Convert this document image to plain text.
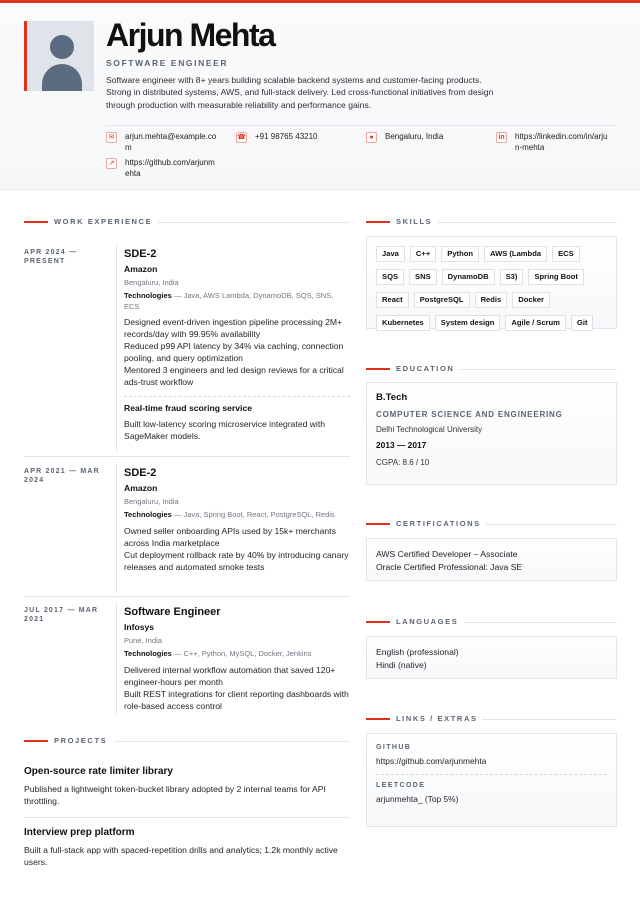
Arjun Mehta
SOFTWARE ENGINEER
Software engineer with 8+ years building scalable backend systems and customer-facing products. Strong in distributed systems, AWS, and full-stack delivery. Led cross-functional initiatives from design through production with measurable reliability and performance gains.
✉	arjun.mehta@example.co
m
☎ +91 98765 43210	●	Bengaluru, India	in https://linkedin.com/in/arju
n-mehta
↗	https://github.com/arjunm
ehta
WORK EXPERIENCE
APR 2024 —
PRESENT
SDE-2
Amazon
Bengaluru, India
Technologies — Java, AWS Lambda, DynamoDB, SQS, SNS, ECS
Designed event-driven ingestion pipeline processing 2M+ records/day with 99.95% availability
Reduced p99 API latency by 34% via caching, connection pooling, and query optimization
Mentored 3 engineers and led design reviews for a critical ads-trust workflow
Real-time fraud scoring service
Built low-latency scoring microservice integrated with SageMaker models.
APR 2021 — MAR
2024
SDE-2
Amazon
Bengaluru, India
Technologies — Java, Spring Boot, React, PostgreSQL, Redis
Owned seller onboarding APIs used by 15k+ merchants across India marketplace
Cut deployment rollback rate by 40% by introducing canary releases and automated smoke tests
JUL 2017 — MAR
2021
Software Engineer
Infosys
Pune, India
Technologies — C++, Python, MySQL, Docker, Jenkins
Delivered internal workflow automation that saved 120+ engineer-hours per month
Built REST integrations for client reporting dashboards with role-based access control
PROJECTS
Open-source rate limiter library
Published a lightweight token-bucket library adopted by 2 internal teams for API throttling.
Interview prep platform
Built a full-stack app with spaced-repetition drills and analytics; 1.2k monthly active users.
SKILLS
Java	C++	Python	AWS (Lambda	ECS
SQS	SNS	DynamoDB	S3)	Spring Boot
React	PostgreSQL	Redis	Docker
Kubernetes	System design	Agile / Scrum	Git
EDUCATION
B.Tech
COMPUTER SCIENCE AND ENGINEERING
Delhi Technological University
2013 — 2017
CGPA: 8.6 / 10
CERTIFICATIONS
AWS Certified Developer – Associate
Oracle Certified Professional: Java SE
LANGUAGES
English (professional)
Hindi (native)
LINKS / EXTRAS
GITHUB
https://github.com/arjunmehta
LEETCODE
arjunmehta_ (Top 5%)
